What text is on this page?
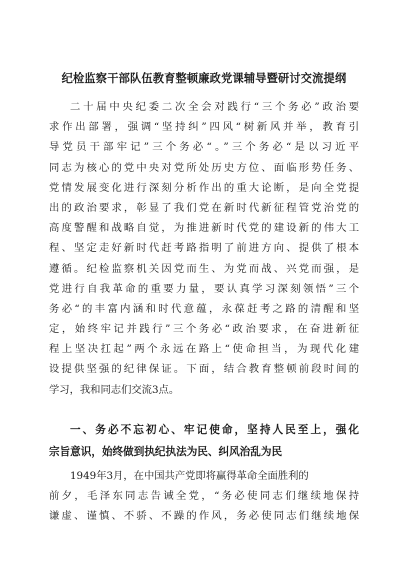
纪检监察干部队伍教育整顿廉政党课辅导暨研讨交流提纲
二十届中央纪委二次全会对践行“三个务必”政治要
求作出部署，强调“坚持纠”四风“树新风并举，教育引
导党员干部牢记”三个务必“。”三个务必“是以习近平
同志为核心的党中央对党所处历史方位、面临形势任务、
党情发展变化进行深刻分析作出的重大论断，是向全党提
出的政治要求，彰显了我们党在新时代新征程管党治党的
高度警醒和战略自觉，为推进新时代党的建设新的伟大工
程、坚定走好新时代赶考路指明了前进方向、提供了根本
遵循。纪检监察机关因党而生、为党而战、兴党而强，是
党进行自我革命的重要力量，要认真学习深刻领悟”三个
务必“的丰富内涵和时代意蕴，永葆赶考之路的清醒和坚
定，始终牢记并践行”三个务必“政治要求，在奋进新征
程上坚决扛起”两个永远在路上“使命担当，为现代化建
设提供坚强的纪律保证。下面，结合教育整顿前段时间的
学习，我和同志们交流3点。
一、务必不忘初心、牢记使命，坚持人民至上，强化
宗旨意识，始终做到执纪执法为民、纠风治乱为民
1949年3月，在中国共产党即将赢得革命全面胜利的
前夕，毛泽东同志告诫全党，“务必使同志们继续地保持
谦虚、谨慎、不骄、不躁的作风，务必使同志们继续地保
